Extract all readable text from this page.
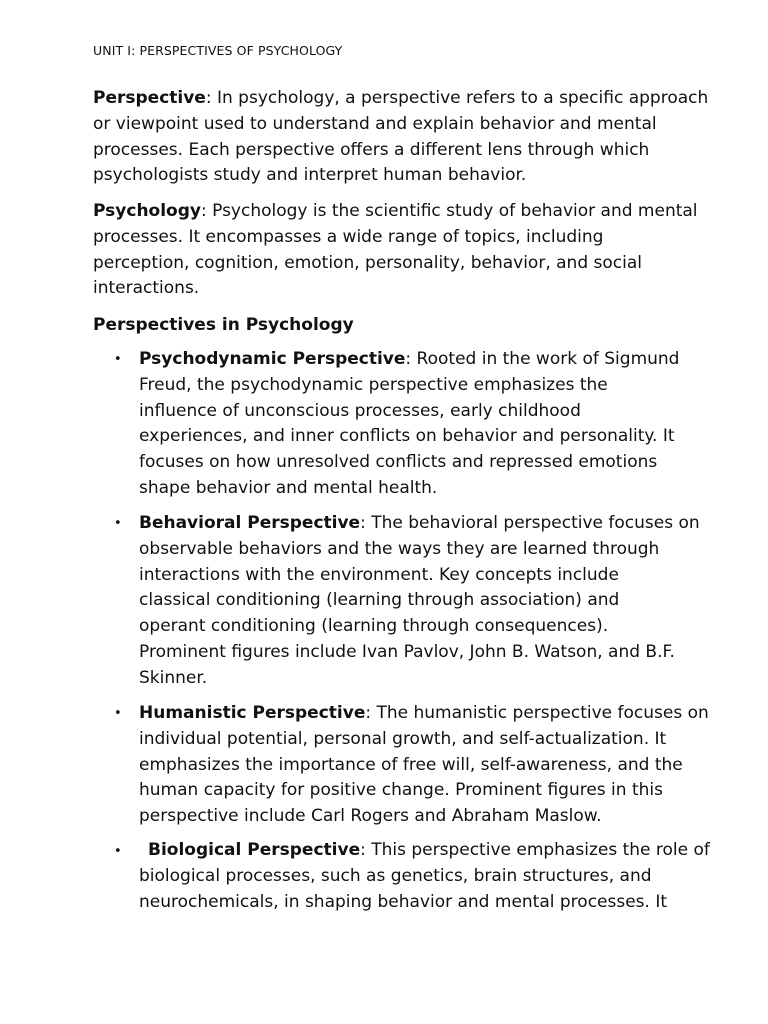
UNIT I: PERSPECTIVES OF PSYCHOLOGY

Perspective: In psychology, a perspective refers to a specific approach
or viewpoint used to understand and explain behavior and mental
processes. Each perspective offers a different lens through which
psychologists study and interpret human behavior.

Psychology: Psychology is the scientific study of behavior and mental
processes. It encompasses a wide range of topics, including
perception, cognition, emotion, personality, behavior, and social
interactions.

Perspectives in Psychology
• Psychodynamic Perspective: Rooted in the work of Sigmund
Freud, the psychodynamic perspective emphasizes the
influence of unconscious processes, early childhood
experiences, and inner conflicts on behavior and personality. It
focuses on how unresolved conflicts and repressed emotions
shape behavior and mental health.

• Behavioral Perspective: The behavioral perspective focuses on
observable behaviors and the ways they are learned through
interactions with the environment. Key concepts include
classical conditioning (learning through association) and
operant conditioning (learning through consequences).
Prominent figures include Ivan Pavlov, John B. Watson, and B.F.
Skinner.

• Humanistic Perspective: The humanistic perspective focuses on
individual potential, personal growth, and self-actualization. It
emphasizes the importance of free will, self-awareness, and the
human capacity for positive change. Prominent figures in this
perspective include Carl Rogers and Abraham Maslow.

•	Biological Perspective: This perspective emphasizes the role of
biological processes, such as genetics, brain structures, and
neurochemicals, in shaping behavior and mental processes. It
